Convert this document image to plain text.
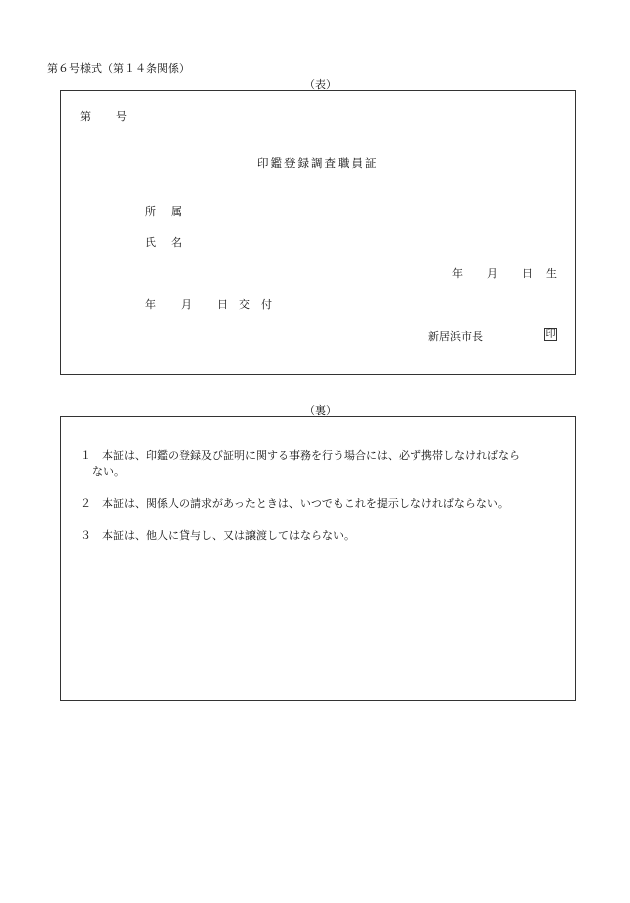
第６号様式（第１４条関係）
（表）
第 号
印鑑登録調査職員証
所　属
氏　名
年 月 日 生
年 月 日 交　付
新居浜市長	印
（裏）
１ 本証は、印鑑の登録及び証明に関する事務を行う場合には、必ず携帯しなければなら
ない。
２ 本証は、関係人の請求があったときは、いつでもこれを提示しなければならない。
３ 本証は、他人に貸与し、又は譲渡してはならない。
